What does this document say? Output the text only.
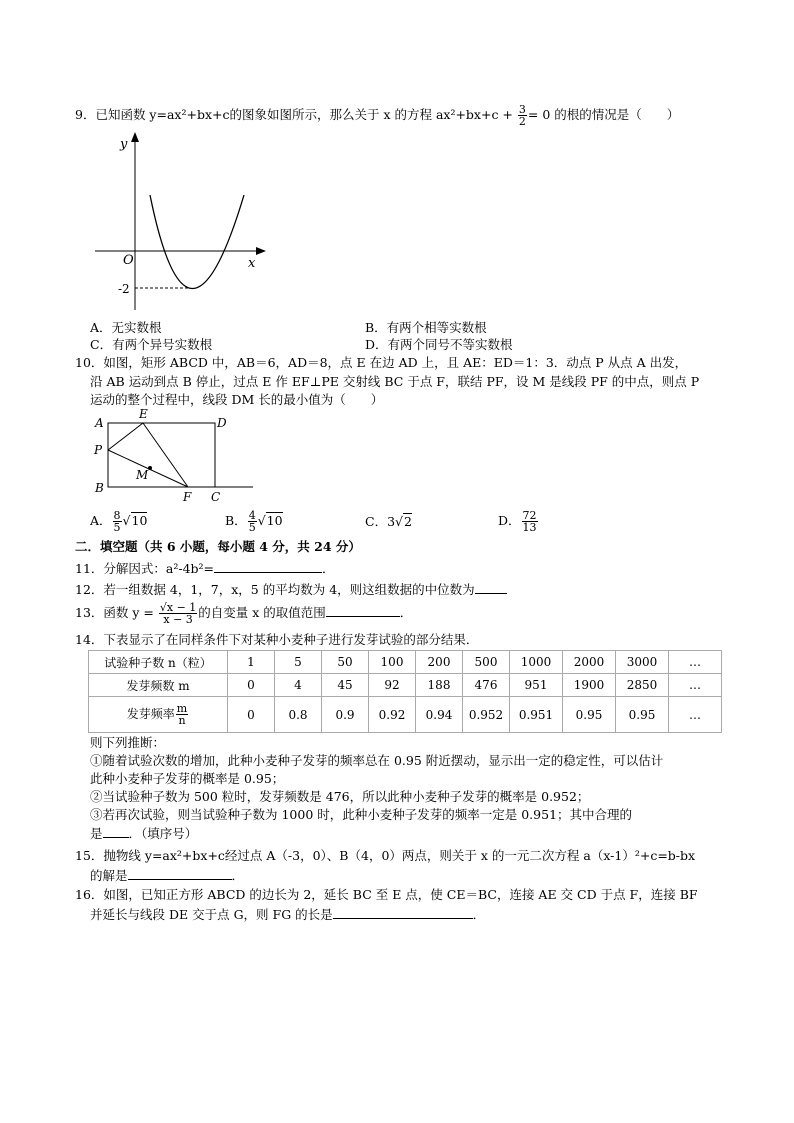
9．已知函数 y=ax²+bx+c的图象如图所示，那么关于 x 的方程 $ax^2+bx+c + \frac{3}{2} = 0$ 的根的情况是（　　）
y
x
O
-2
A．无实数根	B．有两个相等实数根
C．有两个异号实数根	D．有两个同号不等实数根
10．如图，矩形 ABCD 中，AB＝6，AD＝8，点 E 在边 AD 上，且 AE：ED＝1：3．动点 P 从点 A 出发，
沿 AB 运动到点 B 停止，过点 E 作 EF⊥PE 交射线 BC 于点 F，联结 PF，设 M 是线段 PF 的中点，则点 P
运动的整个过程中，线段 DM 长的最小值为（　　）
A
B
C
D
E
F
P
M
A． $\frac{8}{5} √10$	B． $\frac{4}{5} √10$	C．3√2	D． $\frac{72}{13}$
二．填空题（共 6 小题，每小题 4 分，共 24 分）
11．分解因式：a²-4b²=	．
12．若一组数据 4，1，7，x，5 的平均数为 4，则这组数据的中位数为
13．函数 $y = \frac{√x - 1}{x - 3}$ 的自变量 x 的取值范围	．
14．下表显示了在同样条件下对某种小麦种子进行发芽试验的部分结果．
试验种子数 n（粒）	1	5	50	100	200	500	1000	2000	3000	…
发芽频数 m	0	4	45	92	188	476	951	1900	2850	…
发芽频率 $\frac{m}{n}$	0	0.8	0.9	0.92	0.94	0.952	0.951	0.95	0.95	…
则下列推断：
①随着试验次数的增加，此种小麦种子发芽的频率总在 0.95 附近摆动，显示出一定的稳定性，可以估计
此种小麦种子发芽的概率是 0.95；
②当试验种子数为 500 粒时，发芽频数是 476，所以此种小麦种子发芽的概率是 0.952；
③若再次试验，则当试验种子数为 1000 时，此种小麦种子发芽的频率一定是 0.951；其中合理的
是 ．（填序号）
15．抛物线 y=ax²+bx+c经过点 A（-3，0）、B（4，0）两点，则关于 x 的一元二次方程 a（x-1）²+c=b-bx
的解是	．
16．如图，已知正方形 ABCD 的边长为 2，延长 BC 至 E 点，使 CE＝BC，连接 AE 交 CD 于点 F，连接 BF
并延长与线段 DE 交于点 G，则 FG 的长是	．
